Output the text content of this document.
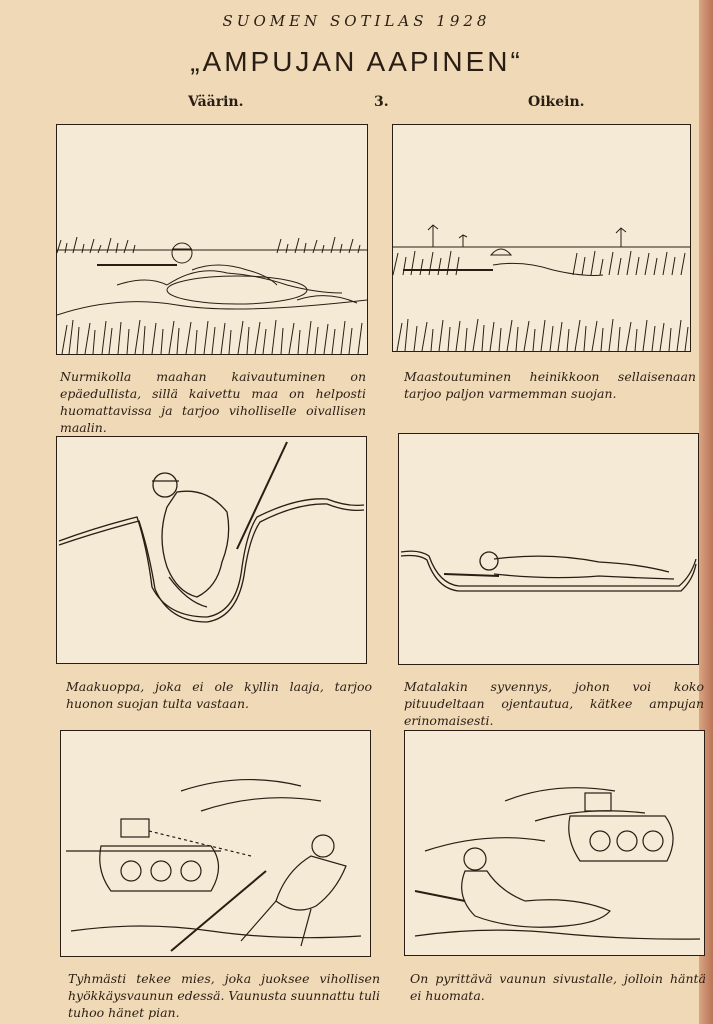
SUOMEN SOTILAS 1928
„AMPUJAN AAPINEN“
Väärin.	3.	Oikein.
Nurmikolla maahan kaivautuminen on epäedullista, sillä kaivettu maa on helposti huomattavissa ja tarjoo viholliselle oivallisen maalin.
Maastoutuminen heinikkoon sellaisenaan tarjoo paljon varmemman suojan.
Maakuoppa, joka ei ole kyllin laaja, tarjoo huonon suojan tulta vastaan.
Matalakin syvennys, johon voi koko pituudeltaan ojentautua, kätkee ampujan erinomaisesti.
Tyhmästi tekee mies, joka juoksee vihollisen hyökkäysvaunun edessä. Vaunusta suunnattu tuli tuhoo hänet pian.
On pyrittävä vaunun sivustalle, jolloin häntä ei huomata.
